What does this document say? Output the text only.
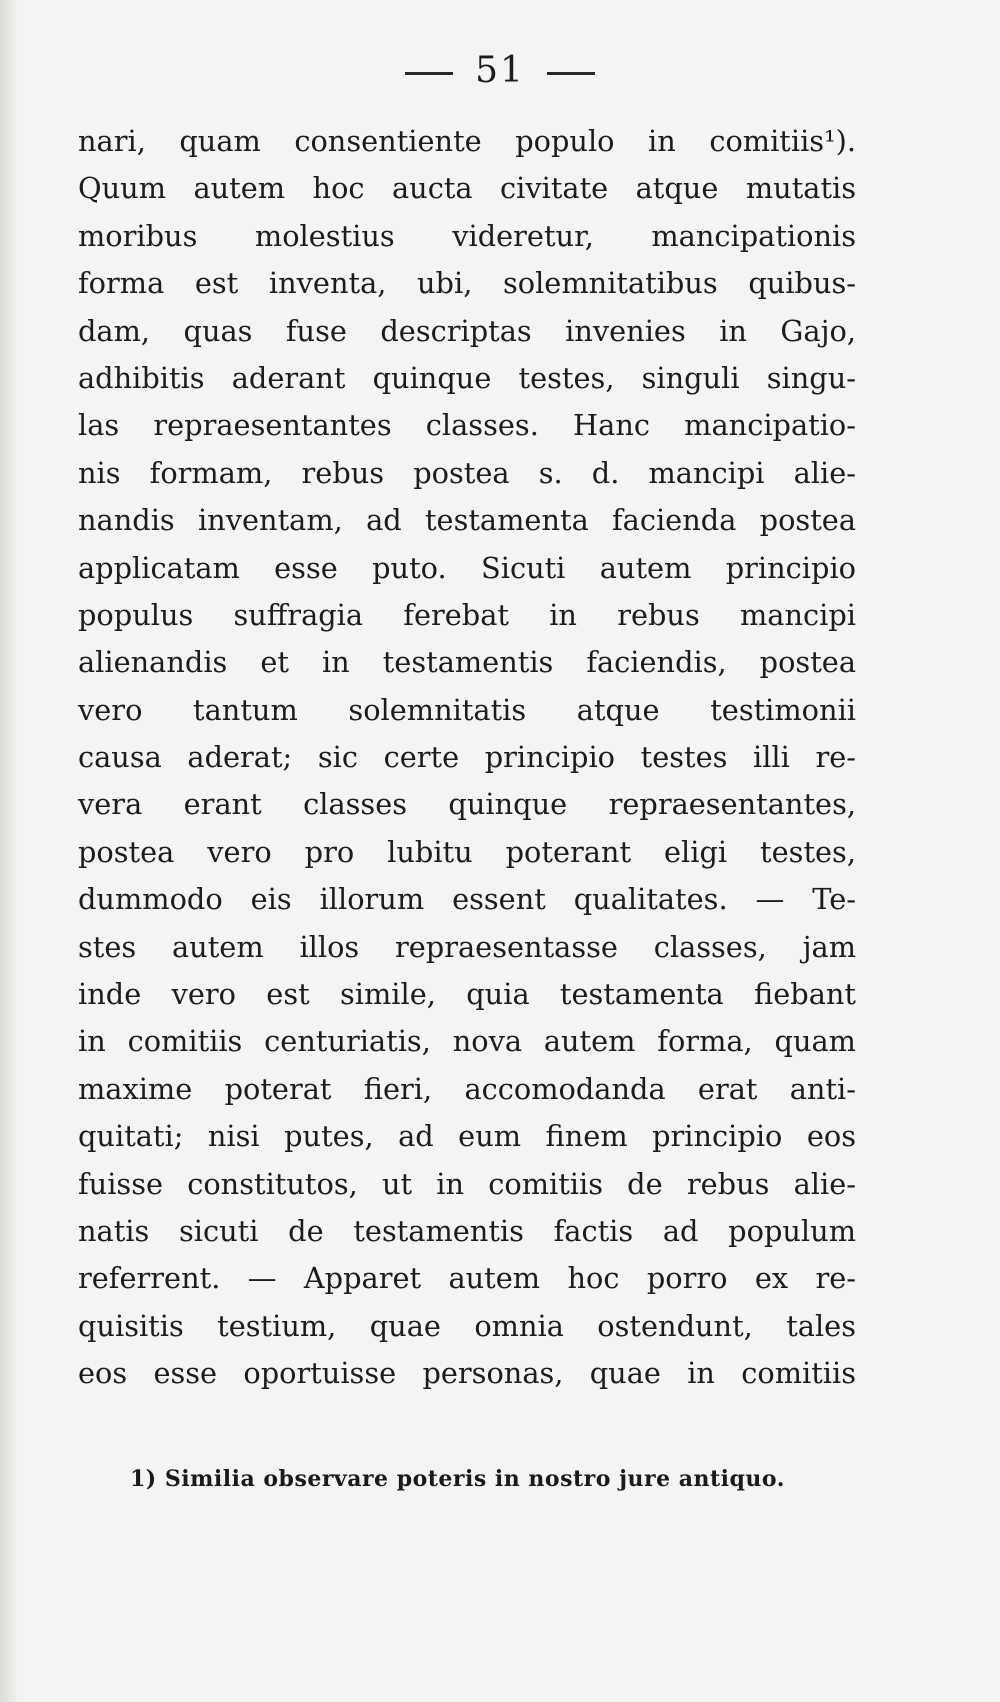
51
nari, quam consentiente populo in comitiis¹).
Quum autem hoc aucta civitate atque mutatis
moribus molestius videretur, mancipationis
forma est inventa, ubi, solemnitatibus quibus-
dam, quas fuse descriptas invenies in Gajo,
adhibitis aderant quinque testes, singuli singu-
las repraesentantes classes. Hanc mancipatio-
nis formam, rebus postea s. d. mancipi alie-
nandis inventam, ad testamenta facienda postea
applicatam esse puto. Sicuti autem principio
populus suffragia ferebat in rebus mancipi
alienandis et in testamentis faciendis, postea
vero tantum solemnitatis atque testimonii
causa aderat; sic certe principio testes illi re-
vera erant classes quinque repraesentantes,
postea vero pro lubitu poterant eligi testes,
dummodo eis illorum essent qualitates. — Te-
stes autem illos repraesentasse classes, jam
inde vero est simile, quia testamenta fiebant
in comitiis centuriatis, nova autem forma, quam
maxime poterat fieri, accomodanda erat anti-
quitati; nisi putes, ad eum finem principio eos
fuisse constitutos, ut in comitiis de rebus alie-
natis sicuti de testamentis factis ad populum
referrent. — Apparet autem hoc porro ex re-
quisitis testium, quae omnia ostendunt, tales
eos esse oportuisse personas, quae in comitiis
1) Similia observare poteris in nostro jure antiquo.
